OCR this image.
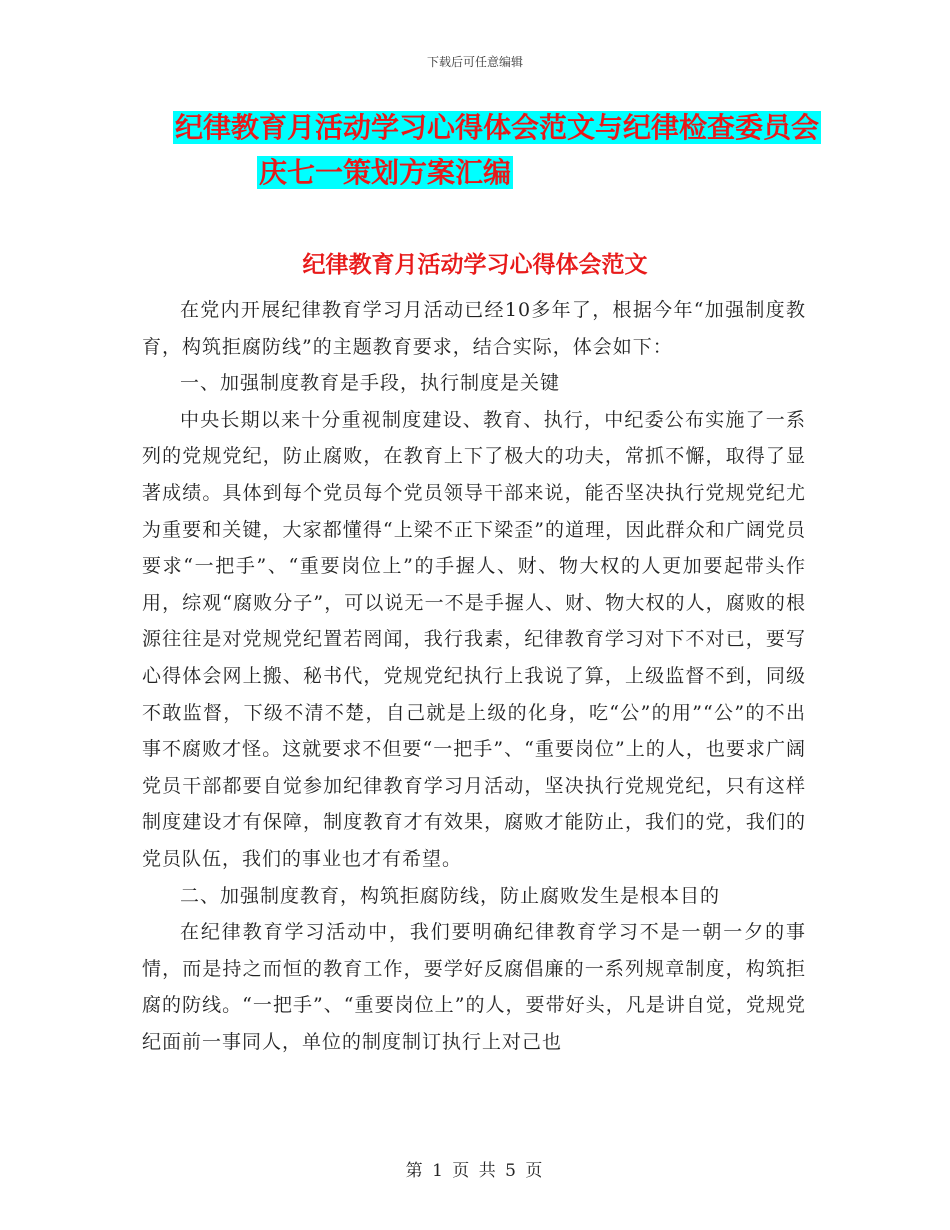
下载后可任意编辑
纪律教育月活动学习心得体会范文与纪律检查委员会
庆七一策划方案汇编
纪律教育月活动学习心得体会范文

在党内开展纪律教育学习月活动已经10多年了，根据今年“加强制度教育，构筑拒腐防线”的主题教育要求，结合实际，体会如下：

一、加强制度教育是手段，执行制度是关键

中央长期以来十分重视制度建设、教育、执行，中纪委公布实施了一系列的党规党纪，防止腐败，在教育上下了极大的功夫，常抓不懈，取得了显著成绩。具体到每个党员每个党员领导干部来说，能否坚决执行党规党纪尤为重要和关键，大家都懂得“上梁不正下梁歪”的道理，因此群众和广阔党员要求“一把手”、“重要岗位上”的手握人、财、物大权的人更加要起带头作用，综观“腐败分子”，可以说无一不是手握人、财、物大权的人，腐败的根源往往是对党规党纪置若罔闻，我行我素，纪律教育学习对下不对已，要写心得体会网上搬、秘书代，党规党纪执行上我说了算，上级监督不到，同级不敢监督，下级不清不楚，自己就是上级的化身，吃“公”的用”“公”的不出事不腐败才怪。这就要求不但要“一把手”、“重要岗位”上的人，也要求广阔党员干部都要自觉参加纪律教育学习月活动，坚决执行党规党纪，只有这样制度建设才有保障，制度教育才有效果，腐败才能防止，我们的党，我们的党员队伍，我们的事业也才有希望。

二、加强制度教育，构筑拒腐防线，防止腐败发生是根本目的

在纪律教育学习活动中，我们要明确纪律教育学习不是一朝一夕的事情，而是持之而恒的教育工作，要学好反腐倡廉的一系列规章制度，构筑拒腐的防线。“一把手”、“重要岗位上”的人，要带好头，凡是讲自觉，党规党纪面前一事同人，单位的制度制订执行上对己也

第 1 页 共 5 页
